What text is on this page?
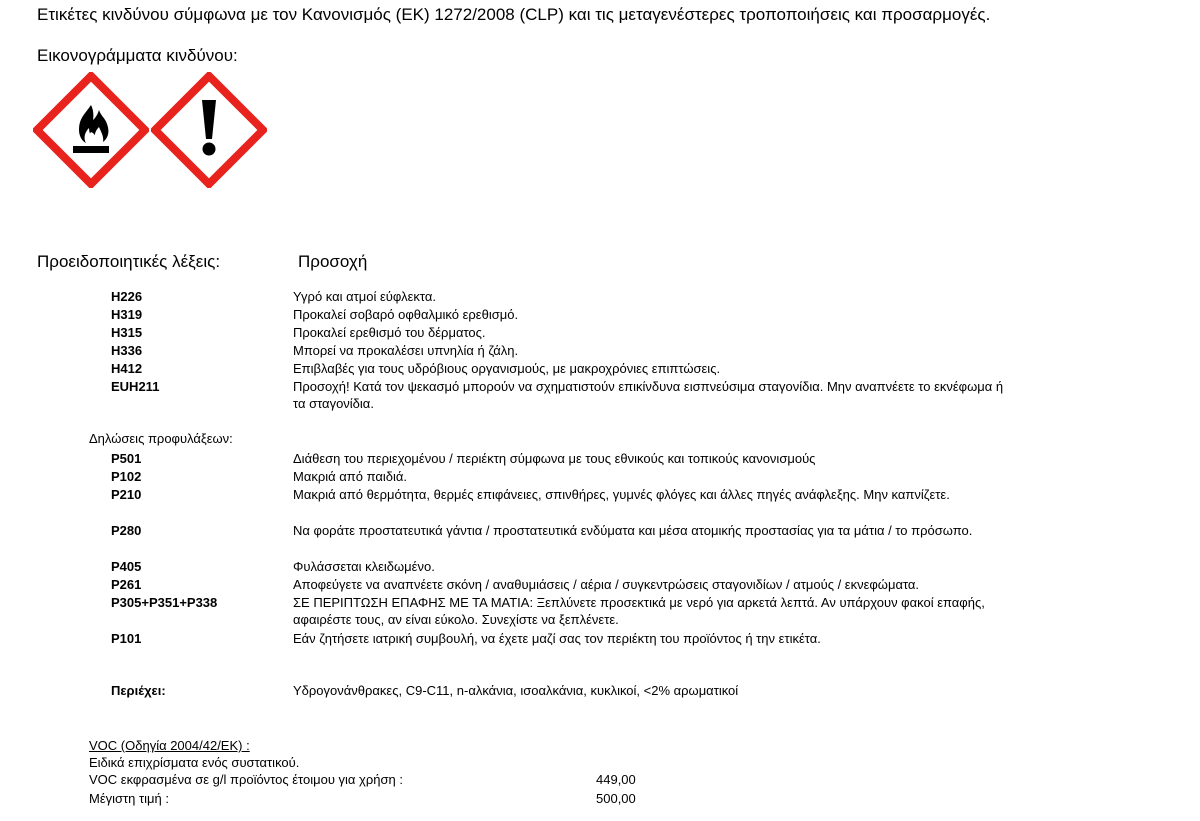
Ετικέτες κινδύνου σύμφωνα με τον Κανονισμός (ΕΚ) 1272/2008 (CLP) και τις μεταγενέστερες τροποποιήσεις και προσαρμογές.
Εικονογράμματα κινδύνου:
Προειδοποιητικές λέξεις:	Προσοχή
H226	Υγρό και ατμοί εύφλεκτα.
H319	Προκαλεί σοβαρό οφθαλμικό ερεθισμό.
H315	Προκαλεί ερεθισμό του δέρματος.
H336	Μπορεί να προκαλέσει υπνηλία ή ζάλη.
H412	Επιβλαβές για τους υδρόβιους οργανισμούς, με μακροχρόνιες επιπτώσεις.
EUH211	Προσοχή! Κατά τον ψεκασμό μπορούν να σχηματιστούν επικίνδυνα εισπνεύσιμα σταγονίδια. Μην αναπνέετε το εκνέφωμα ή τα σταγονίδια.
Δηλώσεις προφυλάξεων:
P501	Διάθεση του περιεχομένου / περιέκτη σύμφωνα με τους εθνικούς και τοπικούς κανονισμούς
P102	Μακριά από παιδιά.
P210	Μακριά από θερμότητα, θερμές επιφάνειες, σπινθήρες, γυμνές φλόγες και άλλες πηγές ανάφλεξης. Μην καπνίζετε.
P280	Να φοράτε προστατευτικά γάντια / προστατευτικά ενδύματα και μέσα ατομικής προστασίας για τα μάτια / το πρόσωπο.
P405	Φυλάσσεται κλειδωμένο.
P261	Αποφεύγετε να αναπνέετε σκόνη / αναθυμιάσεις / αέρια / συγκεντρώσεις σταγονιδίων / ατμούς / εκνεφώματα.
P305+P351+P338	ΣΕ ΠΕΡΙΠΤΩΣΗ ΕΠΑΦΗΣ ΜΕ ΤΑ ΜΑΤΙΑ: Ξεπλύνετε προσεκτικά με νερό για αρκετά λεπτά. Αν υπάρχουν φακοί επαφής, αφαιρέστε τους, αν είναι εύκολο. Συνεχίστε να ξεπλένετε.
P101	Εάν ζητήσετε ιατρική συμβουλή, να έχετε μαζί σας τον περιέκτη του προϊόντος ή την ετικέτα.
Περιέχει:	Υδρογονάνθρακες, C9-C11, n-αλκάνια, ισοαλκάνια, κυκλικοί, <2% αρωματικοί
VOC (Οδηγία 2004/42/ΕΚ) :
Ειδικά επιχρίσματα ενός συστατικού.
VOC εκφρασμένα σε g/l προϊόντος έτοιμου για χρήση :	449,00
Μέγιστη τιμή :	500,00
